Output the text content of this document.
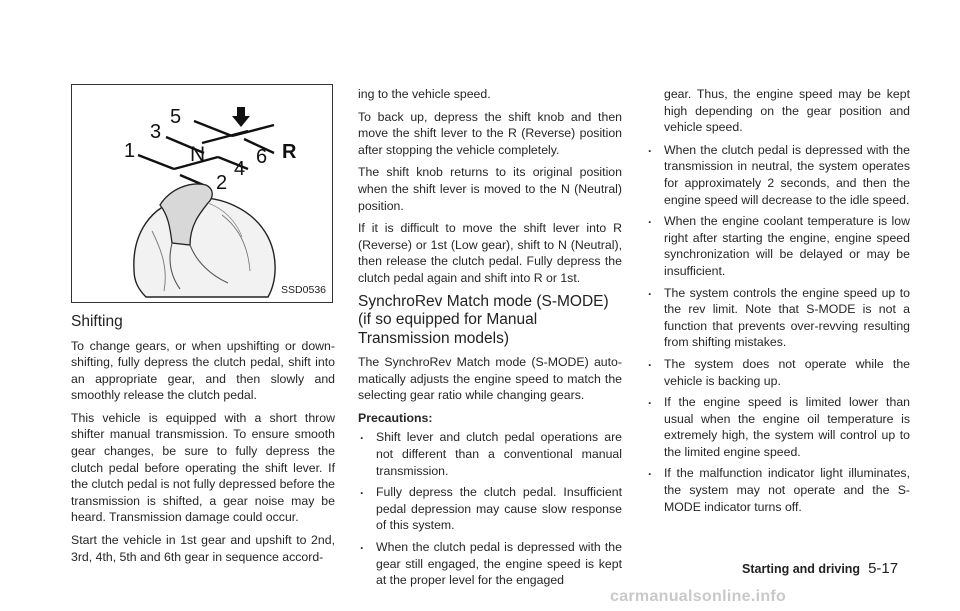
1
3
5
N
2
4
6 R
SSD0536
Shifting

To change gears, or when upshifting or down-shifting, fully depress the clutch pedal, shift into an appropriate gear, and then slowly and smoothly release the clutch pedal.

This vehicle is equipped with a short throw shifter manual transmission. To ensure smooth gear changes, be sure to fully depress the clutch pedal before operating the shift lever. If the clutch pedal is not fully depressed before the transmission is shifted, a gear noise may be heard. Transmission damage could occur.

Start the vehicle in 1st gear and upshift to 2nd, 3rd, 4th, 5th and 6th gear in sequence accord-

ing to the vehicle speed.

To back up, depress the shift knob and then move the shift lever to the R (Reverse) position after stopping the vehicle completely.

The shift knob returns to its original position when the shift lever is moved to the N (Neutral) position.

If it is difficult to move the shift lever into R (Reverse) or 1st (Low gear), shift to N (Neutral), then release the clutch pedal. Fully depress the clutch pedal again and shift into R or 1st.

SynchroRev Match mode (S-MODE) (if so equipped for Manual Transmission models)

The SynchroRev Match mode (S-MODE) auto-matically adjusts the engine speed to match the selecting gear ratio while changing gears.

Precautions:
. Shift lever and clutch pedal operations are not different than a conventional manual transmission.
. Fully depress the clutch pedal. Insufficient pedal depression may cause slow response of this system.
. When the clutch pedal is depressed with the gear still engaged, the engine speed is kept at the proper level for the engaged

gear. Thus, the engine speed may be kept high depending on the gear position and vehicle speed.

. When the clutch pedal is depressed with the transmission in neutral, the system operates for approximately 2 seconds, and then the engine speed will decrease to the idle speed.
. When the engine coolant temperature is low right after starting the engine, engine speed synchronization will be delayed or may be insufficient.
. The system controls the engine speed up to the rev limit. Note that S-MODE is not a function that prevents over-revving resulting from shifting mistakes.
. The system does not operate while the vehicle is backing up.
. If the engine speed is limited lower than usual when the engine oil temperature is extremely high, the system will control up to the limited engine speed.
. If the malfunction indicator light illuminates, the system may not operate and the S-MODE indicator turns off.
Starting and driving 5-17
carmanualsonline.info
